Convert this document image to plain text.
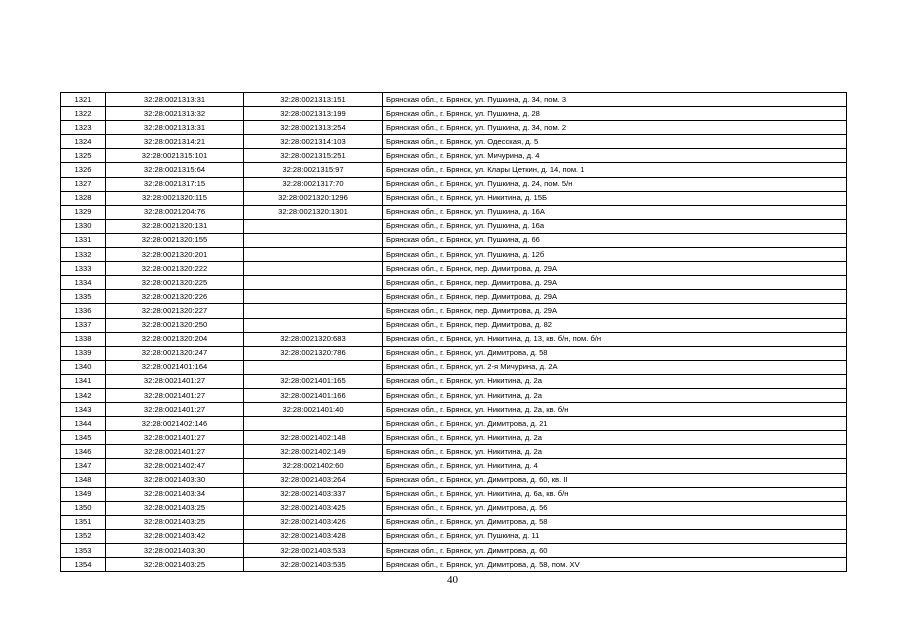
1321	32:28:0021313:31	32:28:0021313:151	Брянская обл., г. Брянск, ул. Пушкина, д. 34, пом. 3
1322	32:28:0021313:32	32:28:0021313:199	Брянская обл., г. Брянск, ул. Пушкина, д. 28
1323	32:28:0021313:31	32:28:0021313:254	Брянская обл., г. Брянск, ул. Пушкина, д. 34, пом. 2
1324	32:28:0021314:21	32:28:0021314:103	Брянская обл., г. Брянск, ул. Одесская, д. 5
1325	32:28:0021315:101	32:28:0021315:251	Брянская обл., г. Брянск, ул. Мичурина, д. 4
1326	32:28:0021315:64	32:28:0021315:97	Брянская обл., г. Брянск, ул. Клары Цеткин, д. 14, пом. 1
1327	32:28:0021317:15	32:28:0021317:70	Брянская обл., г. Брянск, ул. Пушкина, д. 24, пом. 5/н
1328	32:28:0021320:115	32:28:0021320:1296	Брянская обл., г. Брянск, ул. Никитина, д. 15Б
1329	32:28:0021204:76	32:28:0021320:1301	Брянская обл., г. Брянск, ул. Пушкина, д. 16А
1330	32:28:0021320:131		Брянская обл., г. Брянск, ул. Пушкина, д. 16а
1331	32:28:0021320:155		Брянская обл., г. Брянск, ул. Пушкина, д. 66
1332	32:28:0021320:201		Брянская обл., г. Брянск, ул. Пушкина, д. 12б
1333	32:28:0021320:222		Брянская обл., г. Брянск, пер. Димитрова, д. 29А
1334	32:28:0021320:225		Брянская обл., г. Брянск, пер. Димитрова, д. 29А
1335	32:28:0021320:226		Брянская обл., г. Брянск, пер. Димитрова, д. 29А
1336	32:28:0021320:227		Брянская обл., г. Брянск, пер. Димитрова, д. 29А
1337	32:28:0021320:250		Брянская обл., г. Брянск, пер. Димитрова, д. 82
1338	32:28:0021320:204	32:28:0021320:683	Брянская обл., г. Брянск, ул. Никитина, д. 13, кв. б/н, пом. б/н
1339	32:28:0021320:247	32:28:0021320:786	Брянская обл., г. Брянск, ул. Димитрова, д. 58
1340	32:28:0021401:164		Брянская обл., г. Брянск, ул. 2-я Мичурина, д. 2А
1341	32:28:0021401:27	32:28:0021401:165	Брянская обл., г. Брянск, ул. Никитина, д. 2а
1342	32:28:0021401:27	32:28:0021401:166	Брянская обл., г. Брянск, ул. Никитина, д. 2а
1343	32:28:0021401:27	32:28:0021401:40	Брянская обл., г. Брянск, ул. Никитина, д. 2а, кв. б/н
1344	32:28:0021402:146		Брянская обл., г. Брянск, ул. Димитрова, д. 21
1345	32:28:0021401:27	32:28:0021402:148	Брянская обл., г. Брянск, ул. Никитина, д. 2а
1346	32:28:0021401:27	32:28:0021402:149	Брянская обл., г. Брянск, ул. Никитина, д. 2а
1347	32:28:0021402:47	32:28:0021402:60	Брянская обл., г. Брянск, ул. Никитина, д. 4
1348	32:28:0021403:30	32:28:0021403:264	Брянская обл., г. Брянск, ул. Димитрова, д. 60, кв. II
1349	32:28:0021403:34	32:28:0021403:337	Брянская обл., г. Брянск, ул. Никитина, д. 6а, кв. б/н
1350	32:28:0021403:25	32:28:0021403:425	Брянская обл., г. Брянск, ул. Димитрова, д. 56
1351	32:28:0021403:25	32:28:0021403:426	Брянская обл., г. Брянск, ул. Димитрова, д. 58
1352	32:28:0021403:42	32:28:0021403:428	Брянская обл., г. Брянск, ул. Пушкина, д. 11
1353	32:28:0021403:30	32:28:0021403:533	Брянская обл., г. Брянск, ул. Димитрова, д. 60
1354	32:28:0021403:25	32:28:0021403:535	Брянская обл., г. Брянск, ул. Димитрова, д. 58, пом. XV
40
